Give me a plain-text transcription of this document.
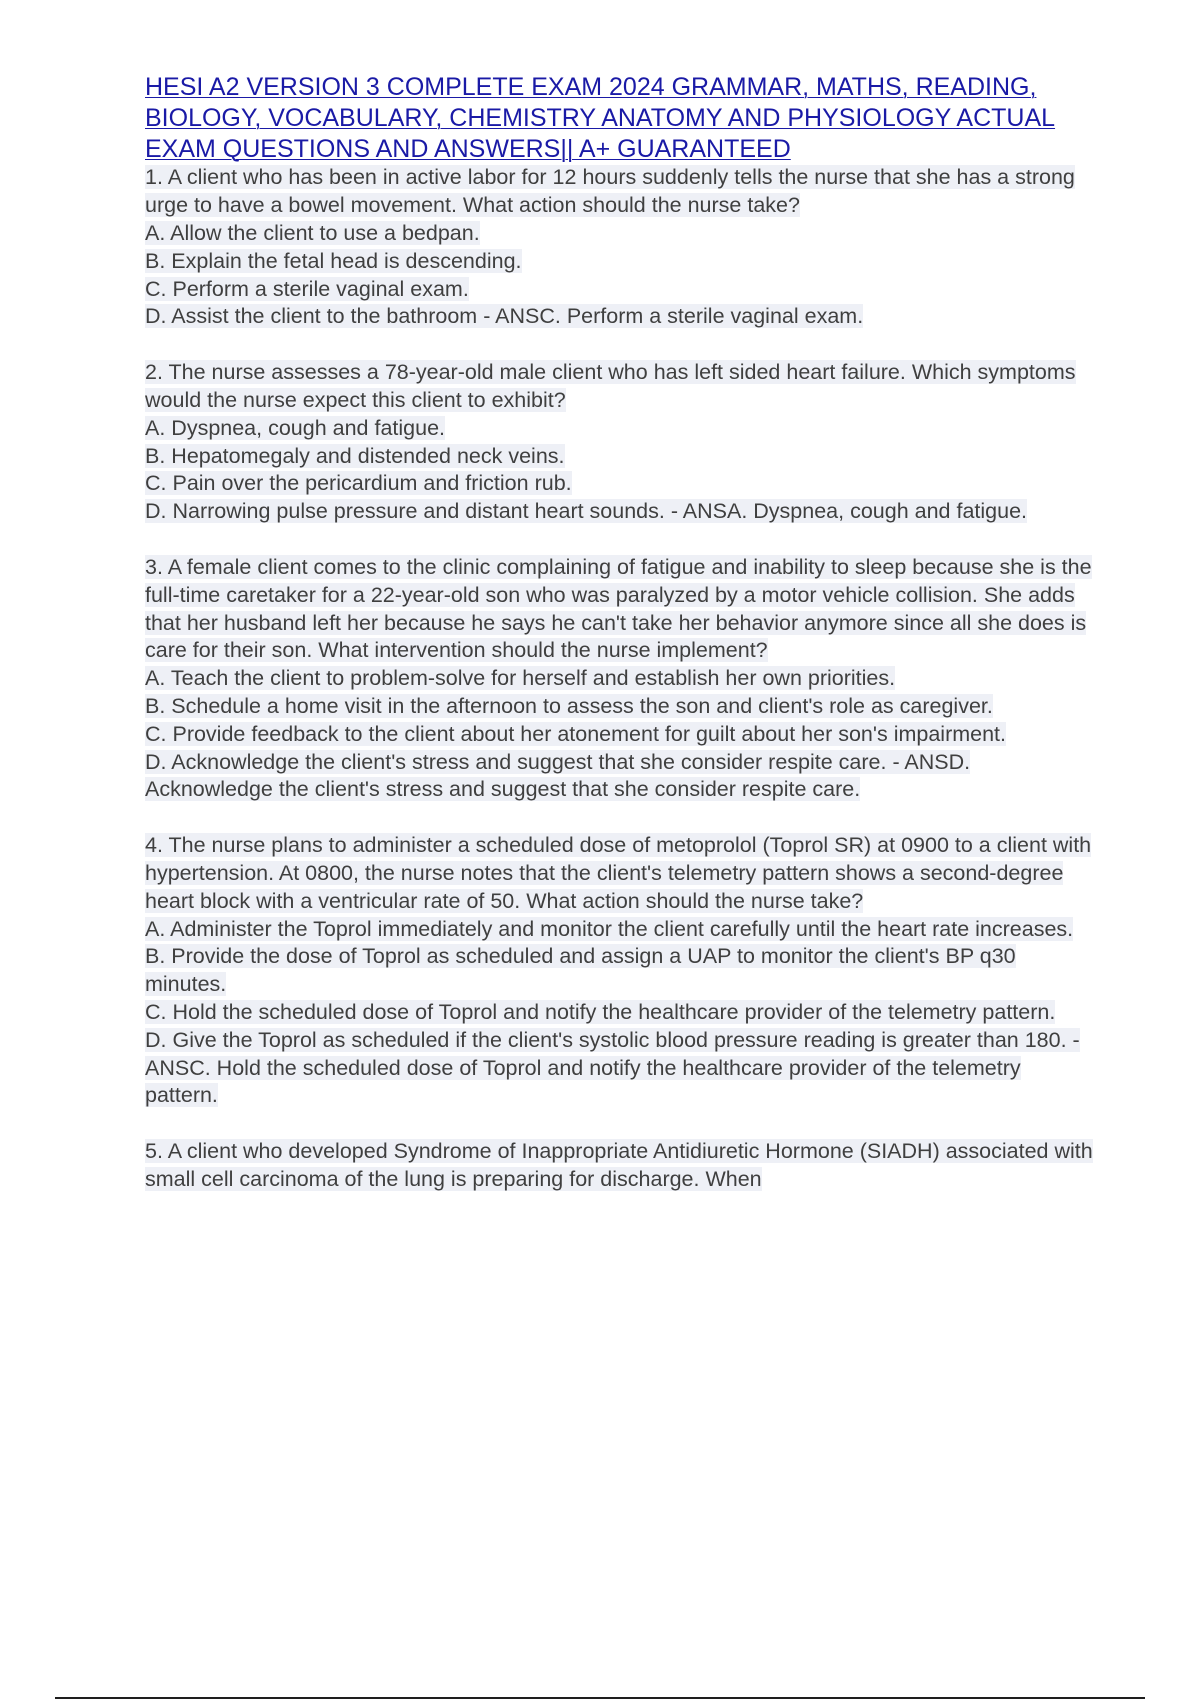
HESI A2 VERSION 3 COMPLETE EXAM 2024 GRAMMAR, MATHS, READING, BIOLOGY, VOCABULARY, CHEMISTRY ANATOMY AND PHYSIOLOGY ACTUAL EXAM QUESTIONS AND ANSWERS|| A+ GUARANTEED
1. A client who has been in active labor for 12 hours suddenly tells the nurse that she has a strong urge to have a bowel movement. What action should the nurse take?
A. Allow the client to use a bedpan.
B. Explain the fetal head is descending.
C. Perform a sterile vaginal exam.
D. Assist the client to the bathroom - ANSC. Perform a sterile vaginal exam.
2. The nurse assesses a 78-year-old male client who has left sided heart failure. Which symptoms would the nurse expect this client to exhibit?
A. Dyspnea, cough and fatigue.
B. Hepatomegaly and distended neck veins.
C. Pain over the pericardium and friction rub.
D. Narrowing pulse pressure and distant heart sounds. - ANSA. Dyspnea, cough and fatigue.
3. A female client comes to the clinic complaining of fatigue and inability to sleep because she is the full-time caretaker for a 22-year-old son who was paralyzed by a motor vehicle collision. She adds that her husband left her because he says he can't take her behavior anymore since all she does is care for their son. What intervention should the nurse implement?
A. Teach the client to problem-solve for herself and establish her own priorities.
B. Schedule a home visit in the afternoon to assess the son and client's role as caregiver.
C. Provide feedback to the client about her atonement for guilt about her son's impairment.
D. Acknowledge the client's stress and suggest that she consider respite care. - ANSD. Acknowledge the client's stress and suggest that she consider respite care.
4. The nurse plans to administer a scheduled dose of metoprolol (Toprol SR) at 0900 to a client with hypertension. At 0800, the nurse notes that the client's telemetry pattern shows a second-degree heart block with a ventricular rate of 50. What action should the nurse take?
A. Administer the Toprol immediately and monitor the client carefully until the heart rate increases.
B. Provide the dose of Toprol as scheduled and assign a UAP to monitor the client's BP q30 minutes.
C. Hold the scheduled dose of Toprol and notify the healthcare provider of the telemetry pattern.
D. Give the Toprol as scheduled if the client's systolic blood pressure reading is greater than 180. - ANSC. Hold the scheduled dose of Toprol and notify the healthcare provider of the telemetry pattern.
5. A client who developed Syndrome of Inappropriate Antidiuretic Hormone (SIADH) associated with small cell carcinoma of the lung is preparing for discharge. When
